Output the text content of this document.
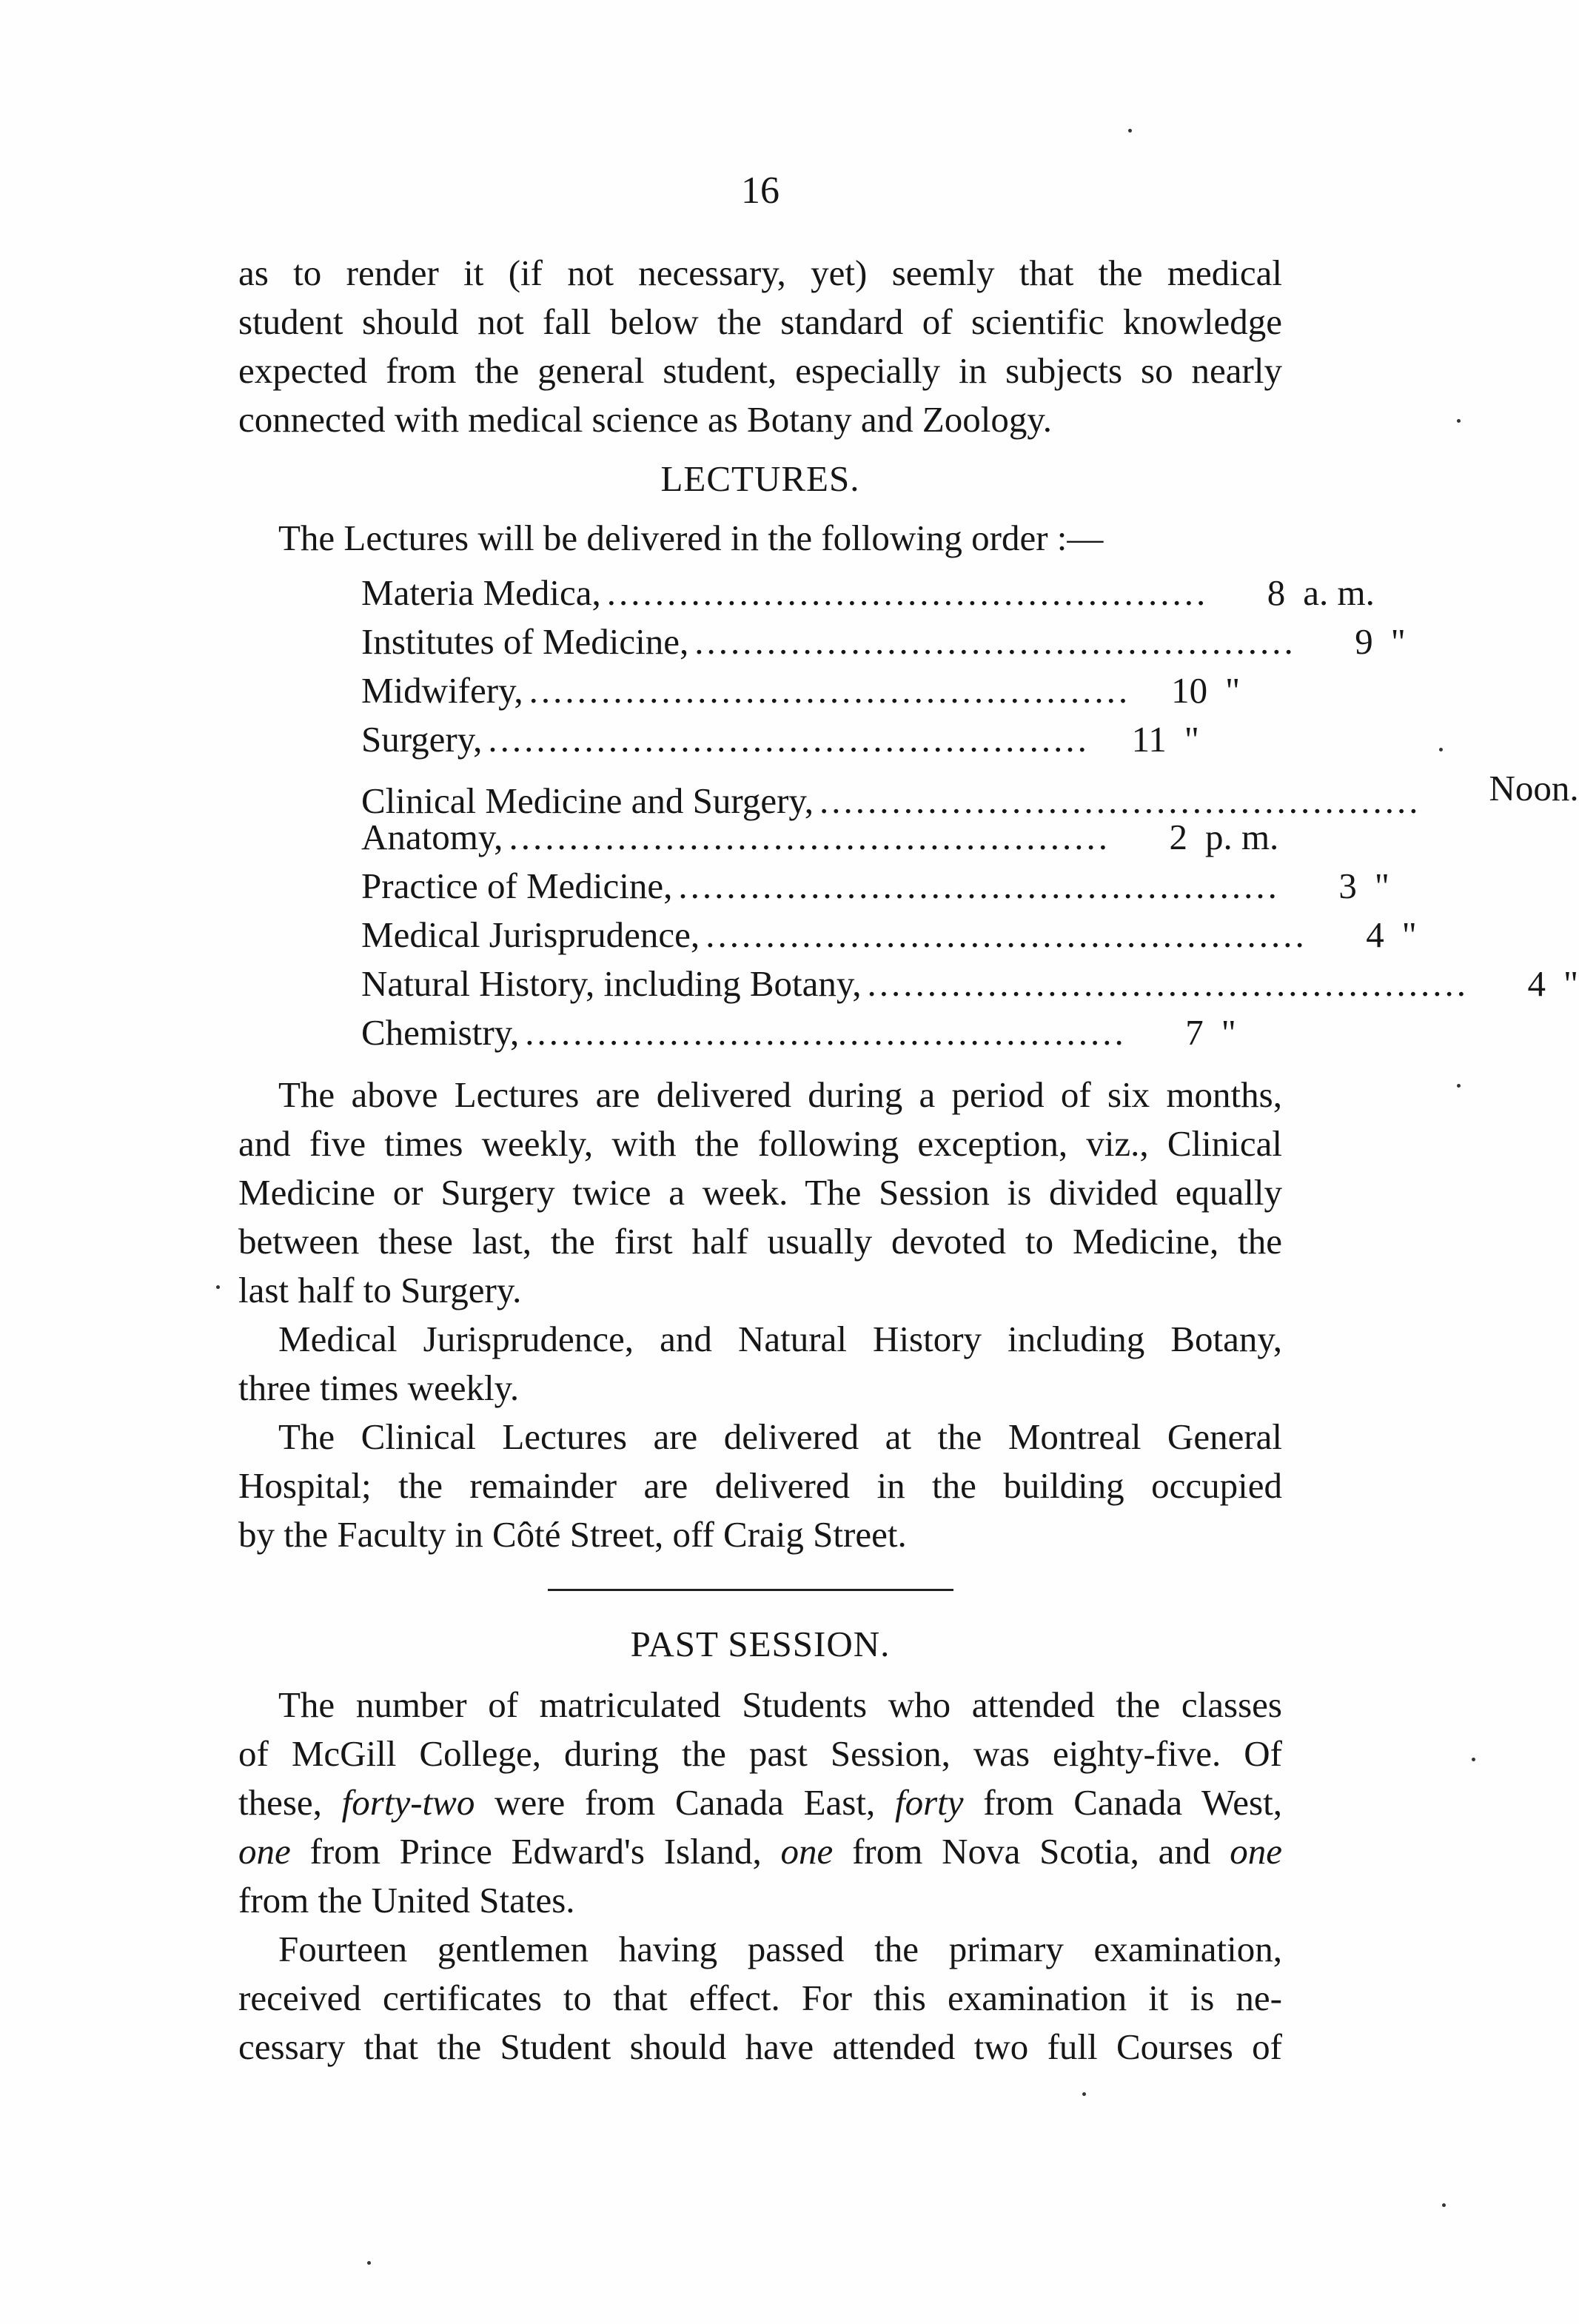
16

as to render it (if not necessary, yet) seemly that the medical
student should not fall below the standard of scientific knowledge
expected from the general student, especially in subjects so nearly
connected with medical science as Botany and Zoology.

LECTURES.

The Lectures will be delivered in the following order :—
Materia Medica, ..................................................	8 a. m.
Institutes of Medicine, ..................................................	9 "
Midwifery, ..................................................	10 "
Surgery, ..................................................	11 "
Clinical Medicine and Surgery, ..................................................	Noon.
Anatomy, ..................................................	2 p. m.
Practice of Medicine, ..................................................	3 "
Medical Jurisprudence, ..................................................	4 "
Natural History, including Botany, ..................................................	4 "
Chemistry, ..................................................	7 "
The above Lectures are delivered during a period of six months,
and five times weekly, with the following exception, viz., Clinical
Medicine or Surgery twice a week. The Session is divided equally
between these last, the first half usually devoted to Medicine, the
last half to Surgery.
Medical Jurisprudence, and Natural History including Botany,
three times weekly.
The Clinical Lectures are delivered at the Montreal General
Hospital; the remainder are delivered in the building occupied
by the Faculty in Côté Street, off Craig Street.

PAST SESSION.

The number of matriculated Students who attended the classes
of McGill College, during the past Session, was eighty-five. Of
these, forty-two were from Canada East, forty from Canada West,
one from Prince Edward's Island, one from Nova Scotia, and one
from the United States.
Fourteen gentlemen having passed the primary examination,
received certificates to that effect. For this examination it is ne-
cessary that the Student should have attended two full Courses of
